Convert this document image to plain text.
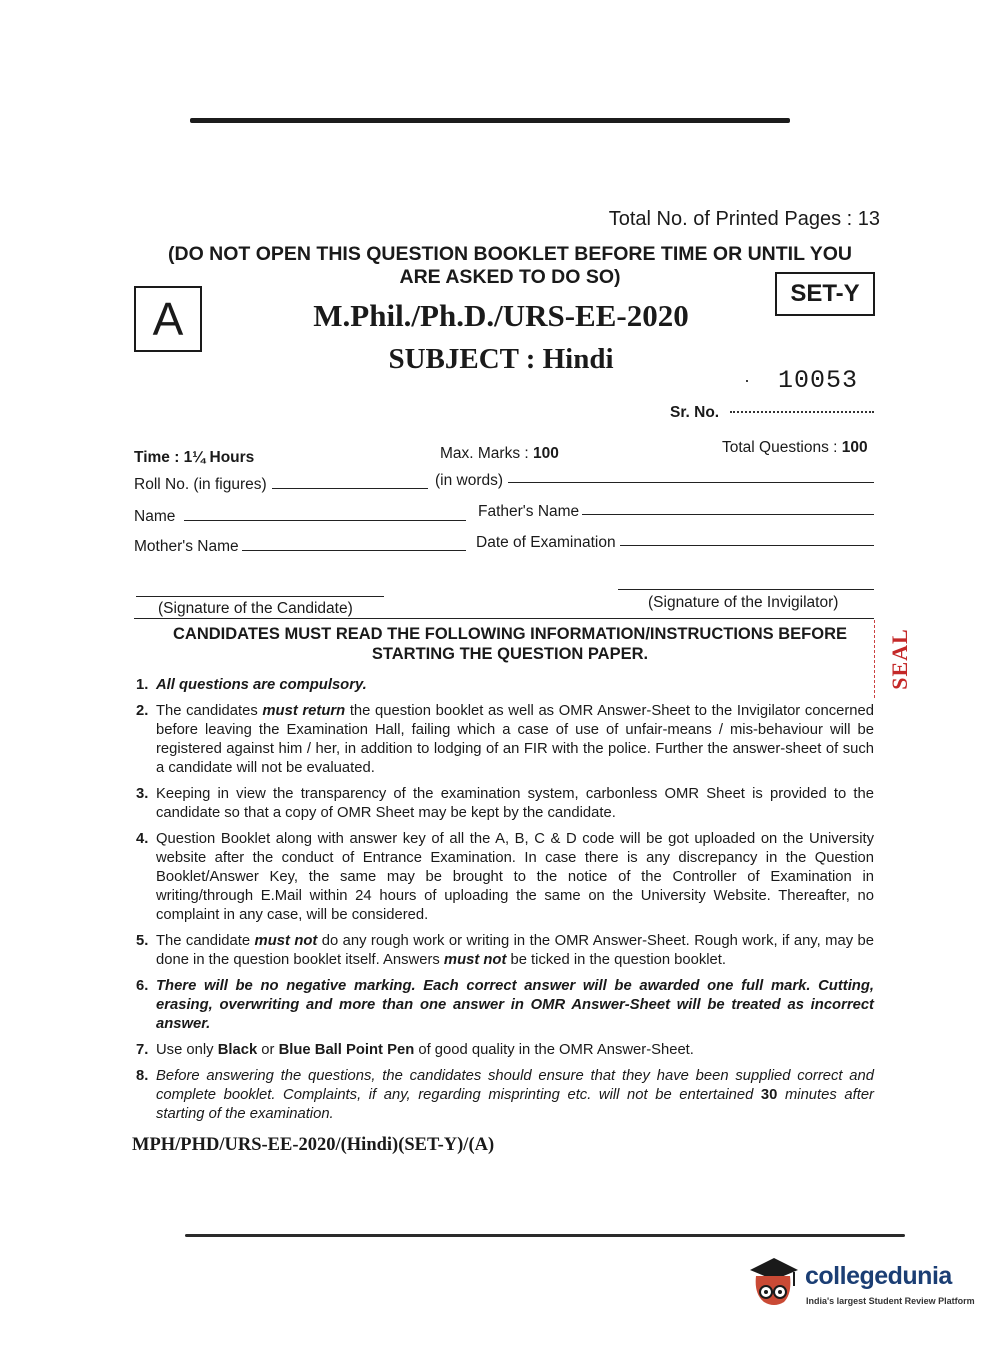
Total No. of Printed Pages : 13
(DO NOT OPEN THIS QUESTION BOOKLET BEFORE TIME OR UNTIL YOU
ARE ASKED TO DO SO)
A	SET-Y
M.Phil./Ph.D./URS-EE-2020
SUBJECT : Hindi
· 10053
Sr. No.
Time : 1¼ Hours	Max. Marks : 100	Total Questions : 100
Roll No. (in figures)	(in words)
Name	Father's Name
Mother's Name	Date of Examination
(Signature of the Candidate)	(Signature of the Invigilator)
CANDIDATES MUST READ THE FOLLOWING INFORMATION/INSTRUCTIONS BEFORE
STARTING THE QUESTION PAPER.	SEAL
1. All questions are compulsory.
2. The candidates must return the question booklet as well as OMR Answer-Sheet to the Invigilator concerned before leaving the Examination Hall, failing which a case of use of unfair-means / mis-behaviour will be registered against him / her, in addition to lodging of an FIR with the police. Further the answer-sheet of such a candidate will not be evaluated.
3. Keeping in view the transparency of the examination system, carbonless OMR Sheet is provided to the candidate so that a copy of OMR Sheet may be kept by the candidate.
4. Question Booklet along with answer key of all the A, B, C & D code will be got uploaded on the University website after the conduct of Entrance Examination. In case there is any discrepancy in the Question Booklet/Answer Key, the same may be brought to the notice of the Controller of Examination in writing/through E.Mail within 24 hours of uploading the same on the University Website. Thereafter, no complaint in any case, will be considered.
5. The candidate must not do any rough work or writing in the OMR Answer-Sheet. Rough work, if any, may be done in the question booklet itself. Answers must not be ticked in the question booklet.
6. There will be no negative marking. Each correct answer will be awarded one full mark. Cutting, erasing, overwriting and more than one answer in OMR Answer-Sheet will be treated as incorrect answer.
7. Use only Black or Blue Ball Point Pen of good quality in the OMR Answer-Sheet.
8. Before answering the questions, the candidates should ensure that they have been supplied correct and complete booklet. Complaints, if any, regarding misprinting etc. will not be entertained 30 minutes after starting of the examination.
MPH/PHD/URS-EE-2020/(Hindi)(SET-Y)/(A)
collegedunia
India's largest Student Review Platform
